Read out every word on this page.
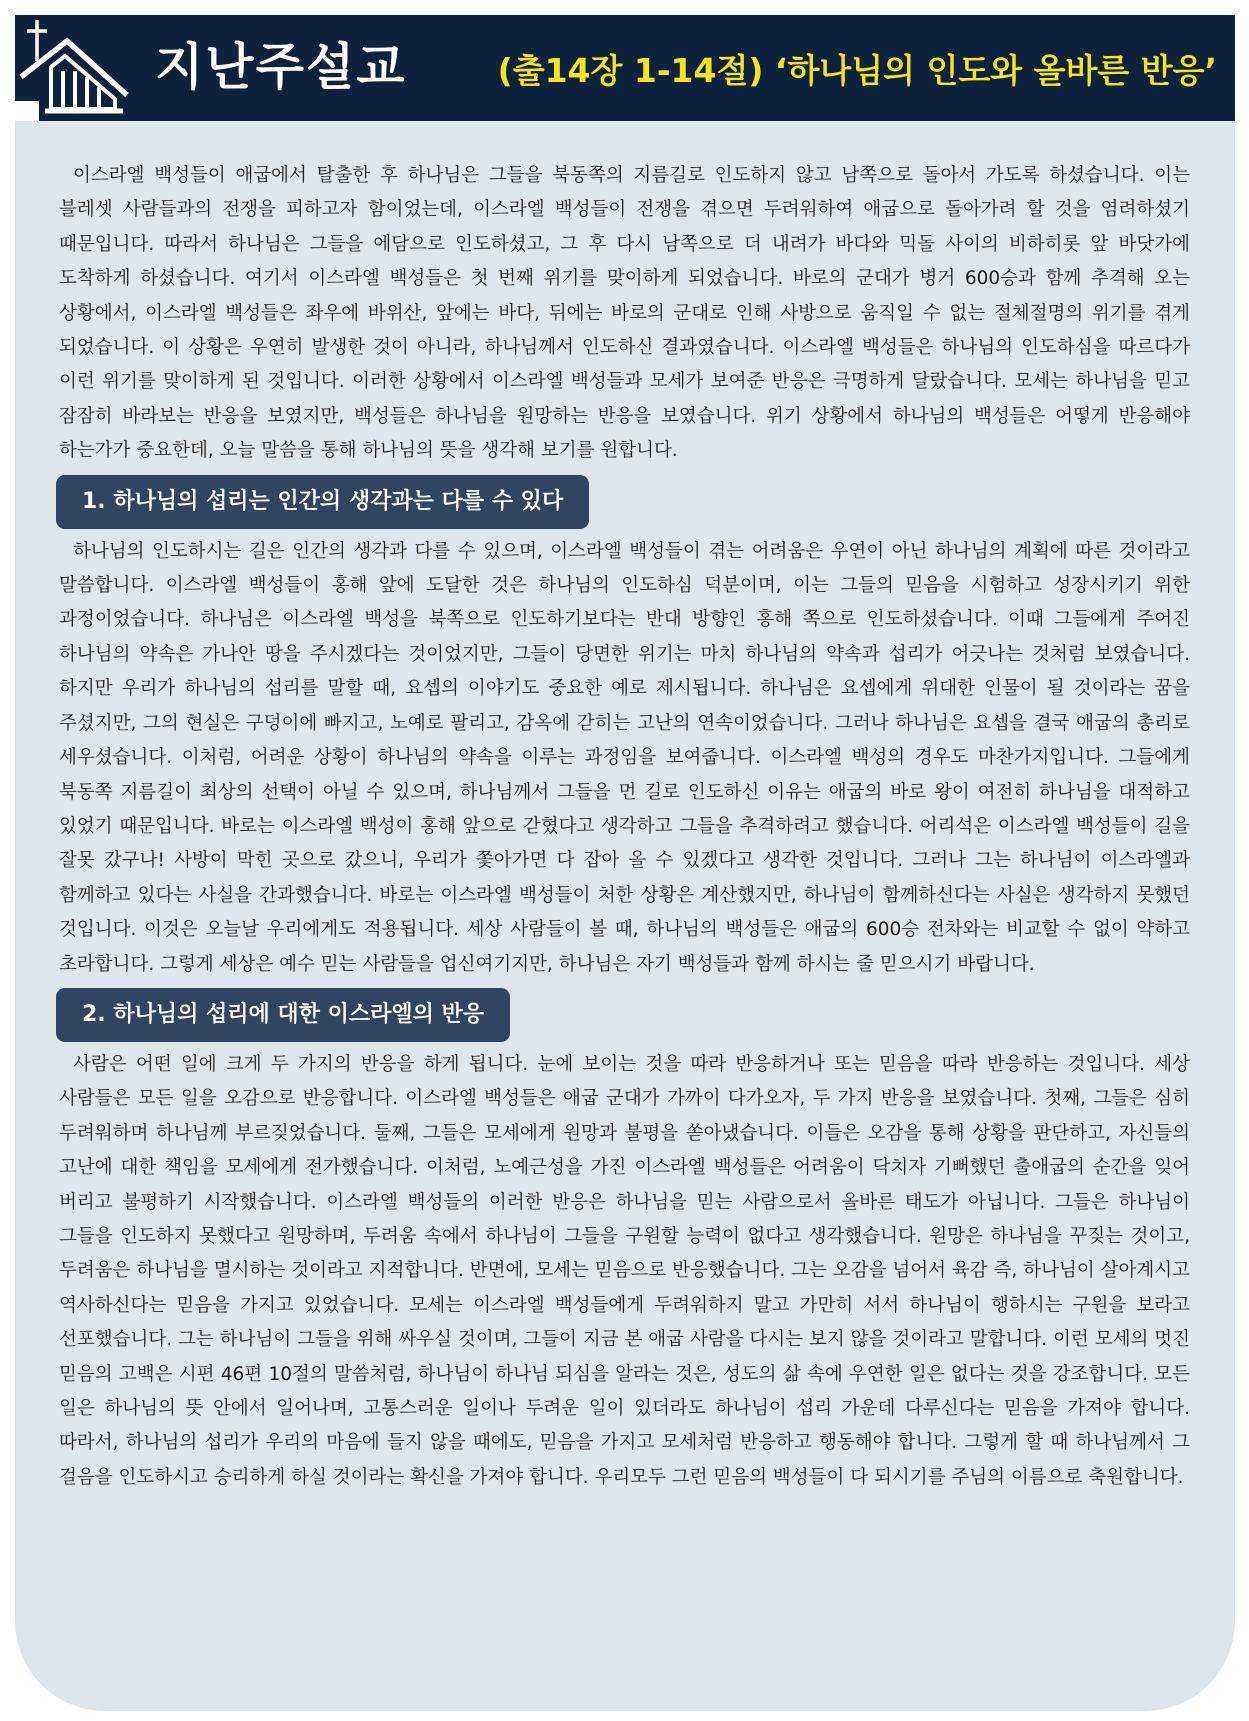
지난주설교	(출14장 1-14절) ‘하나님의 인도와 올바른 반응’

이스라엘 백성들이 애굽에서 탈출한 후 하나님은 그들을 북동쪽의 지름길로 인도하지 않고 남쪽으로 돌아서 가도록 하셨습니다. 이는 블레셋 사람들과의 전쟁을 피하고자 함이었는데, 이스라엘 백성들이 전쟁을 겪으면 두려워하여 애굽으로 돌아가려 할 것을 염려하셨기 때문입니다. 따라서 하나님은 그들을 에담으로 인도하셨고, 그 후 다시 남쪽으로 더 내려가 바다와 믹돌 사이의 비하히롯 앞 바닷가에 도착하게 하셨습니다. 여기서 이스라엘 백성들은 첫 번째 위기를 맞이하게 되었습니다. 바로의 군대가 병거 600승과 함께 추격해 오는 상황에서, 이스라엘 백성들은 좌우에 바위산, 앞에는 바다, 뒤에는 바로의 군대로 인해 사방으로 움직일 수 없는 절체절명의 위기를 겪게 되었습니다. 이 상황은 우연히 발생한 것이 아니라, 하나님께서 인도하신 결과였습니다. 이스라엘 백성들은 하나님의 인도하심을 따르다가 이런 위기를 맞이하게 된 것입니다. 이러한 상황에서 이스라엘 백성들과 모세가 보여준 반응은 극명하게 달랐습니다. 모세는 하나님을 믿고 잠잠히 바라보는 반응을 보였지만, 백성들은 하나님을 원망하는 반응을 보였습니다. 위기 상황에서 하나님의 백성들은 어떻게 반응해야 하는가가 중요한데, 오늘 말씀을 통해 하나님의 뜻을 생각해 보기를 원합니다.

1. 하나님의 섭리는 인간의 생각과는 다를 수 있다

하나님의 인도하시는 길은 인간의 생각과 다를 수 있으며, 이스라엘 백성들이 겪는 어려움은 우연이 아닌 하나님의 계획에 따른 것이라고 말씀합니다. 이스라엘 백성들이 홍해 앞에 도달한 것은 하나님의 인도하심 덕분이며, 이는 그들의 믿음을 시험하고 성장시키기 위한 과정이었습니다. 하나님은 이스라엘 백성을 북쪽으로 인도하기보다는 반대 방향인 홍해 쪽으로 인도하셨습니다. 이때 그들에게 주어진 하나님의 약속은 가나안 땅을 주시겠다는 것이었지만, 그들이 당면한 위기는 마치 하나님의 약속과 섭리가 어긋나는 것처럼 보였습니다. 하지만 우리가 하나님의 섭리를 말할 때, 요셉의 이야기도 중요한 예로 제시됩니다. 하나님은 요셉에게 위대한 인물이 될 것이라는 꿈을 주셨지만, 그의 현실은 구덩이에 빠지고, 노예로 팔리고, 감옥에 갇히는 고난의 연속이었습니다. 그러나 하나님은 요셉을 결국 애굽의 총리로 세우셨습니다. 이처럼, 어려운 상황이 하나님의 약속을 이루는 과정임을 보여줍니다. 이스라엘 백성의 경우도 마찬가지입니다. 그들에게 북동쪽 지름길이 최상의 선택이 아닐 수 있으며, 하나님께서 그들을 먼 길로 인도하신 이유는 애굽의 바로 왕이 여전히 하나님을 대적하고 있었기 때문입니다. 바로는 이스라엘 백성이 홍해 앞으로 갇혔다고 생각하고 그들을 추격하려고 했습니다. 어리석은 이스라엘 백성들이 길을 잘못 갔구나! 사방이 막힌 곳으로 갔으니, 우리가 쫓아가면 다 잡아 올 수 있겠다고 생각한 것입니다. 그러나 그는 하나님이 이스라엘과 함께하고 있다는 사실을 간과했습니다. 바로는 이스라엘 백성들이 처한 상황은 계산했지만, 하나님이 함께하신다는 사실은 생각하지 못했던 것입니다. 이것은 오늘날 우리에게도 적용됩니다. 세상 사람들이 볼 때, 하나님의 백성들은 애굽의 600승 전차와는 비교할 수 없이 약하고 초라합니다. 그렇게 세상은 예수 믿는 사람들을 업신여기지만, 하나님은 자기 백성들과 함께 하시는 줄 믿으시기 바랍니다.

2. 하나님의 섭리에 대한 이스라엘의 반응

사람은 어떤 일에 크게 두 가지의 반응을 하게 됩니다. 눈에 보이는 것을 따라 반응하거나 또는 믿음을 따라 반응하는 것입니다. 세상 사람들은 모든 일을 오감으로 반응합니다. 이스라엘 백성들은 애굽 군대가 가까이 다가오자, 두 가지 반응을 보였습니다. 첫째, 그들은 심히 두려워하며 하나님께 부르짖었습니다. 둘째, 그들은 모세에게 원망과 불평을 쏟아냈습니다. 이들은 오감을 통해 상황을 판단하고, 자신들의 고난에 대한 책임을 모세에게 전가했습니다. 이처럼, 노예근성을 가진 이스라엘 백성들은 어려움이 닥치자 기뻐했던 출애굽의 순간을 잊어 버리고 불평하기 시작했습니다. 이스라엘 백성들의 이러한 반응은 하나님을 믿는 사람으로서 올바른 태도가 아닙니다. 그들은 하나님이 그들을 인도하지 못했다고 원망하며, 두려움 속에서 하나님이 그들을 구원할 능력이 없다고 생각했습니다. 원망은 하나님을 꾸짖는 것이고, 두려움은 하나님을 멸시하는 것이라고 지적합니다. 반면에, 모세는 믿음으로 반응했습니다. 그는 오감을 넘어서 육감 즉, 하나님이 살아계시고 역사하신다는 믿음을 가지고 있었습니다. 모세는 이스라엘 백성들에게 두려워하지 말고 가만히 서서 하나님이 행하시는 구원을 보라고 선포했습니다. 그는 하나님이 그들을 위해 싸우실 것이며, 그들이 지금 본 애굽 사람을 다시는 보지 않을 것이라고 말합니다. 이런 모세의 멋진 믿음의 고백은 시편 46편 10절의 말씀처럼, 하나님이 하나님 되심을 알라는 것은, 성도의 삶 속에 우연한 일은 없다는 것을 강조합니다. 모든 일은 하나님의 뜻 안에서 일어나며, 고통스러운 일이나 두려운 일이 있더라도 하나님이 섭리 가운데 다루신다는 믿음을 가져야 합니다. 따라서, 하나님의 섭리가 우리의 마음에 들지 않을 때에도, 믿음을 가지고 모세처럼 반응하고 행동해야 합니다. 그렇게 할 때 하나님께서 그 걸음을 인도하시고 승리하게 하실 것이라는 확신을 가져야 합니다. 우리모두 그런 믿음의 백성들이 다 되시기를 주님의 이름으로 축원합니다.
